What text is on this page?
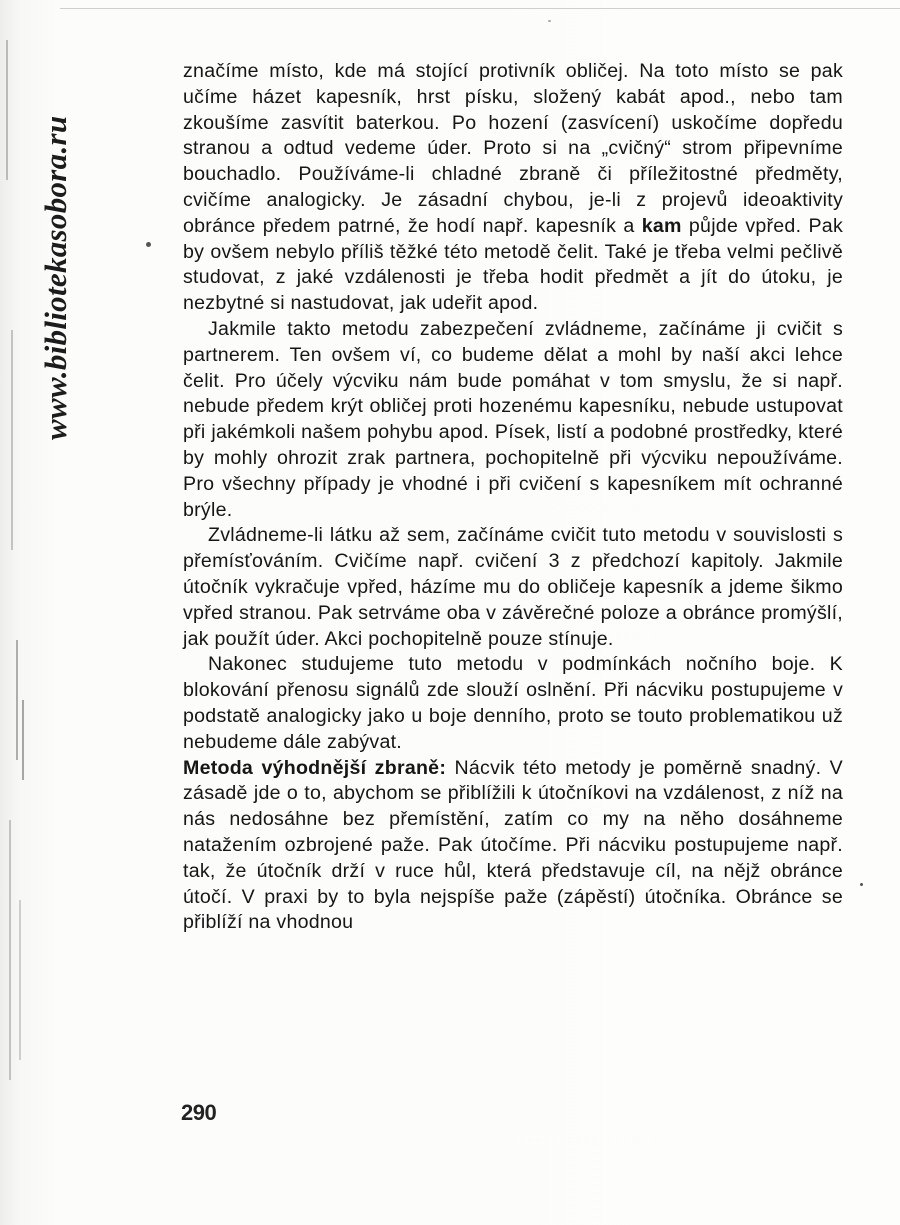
www.bibliotekasobora.ru

značíme místo, kde má stojící protivník obličej. Na toto místo se pak učíme házet kapesník, hrst písku, složený kabát apod., nebo tam zkoušíme zasvítit baterkou. Po hození (zasvícení) uskočíme dopředu stranou a odtud vedeme úder. Proto si na „cvičný“ strom připevníme bouchadlo. Používáme-li chladné zbraně či příležitostné předměty, cvičíme analogicky. Je zásadní chybou, je-li z projevů ideoaktivity obránce předem patrné, že hodí např. kapesník a kam půjde vpřed. Pak by ovšem nebylo příliš těžké této metodě čelit. Také je třeba velmi pečlivě studovat, z jaké vzdálenosti je třeba hodit předmět a jít do útoku, je nezbytné si nastudovat, jak udeřit apod.

Jakmile takto metodu zabezpečení zvládneme, začínáme ji cvičit s partnerem. Ten ovšem ví, co budeme dělat a mohl by naší akci lehce čelit. Pro účely výcviku nám bude pomáhat v tom smyslu, že si např. nebude předem krýt obličej proti hozenému kapesníku, nebude ustupovat při jakémkoli našem pohybu apod. Písek, listí a podobné prostředky, které by mohly ohrozit zrak partnera, pochopitelně při výcviku nepoužíváme. Pro všechny případy je vhodné i při cvičení s kapesníkem mít ochranné brýle.

Zvládneme-li látku až sem, začínáme cvičit tuto metodu v souvislosti s přemísťováním. Cvičíme např. cvičení 3 z předchozí kapitoly. Jakmile útočník vykračuje vpřed, házíme mu do obličeje kapesník a jdeme šikmo vpřed stranou. Pak setrváme oba v závěrečné poloze a obránce promýšlí, jak použít úder. Akci pochopitelně pouze stínuje.

Nakonec studujeme tuto metodu v podmínkách nočního boje. K blokování přenosu signálů zde slouží oslnění. Při nácviku postupujeme v podstatě analogicky jako u boje denního, proto se touto problematikou už nebudeme dále zabývat.

Metoda výhodnější zbraně: Nácvik této metody je poměrně snadný. V zásadě jde o to, abychom se přiblížili k útočníkovi na vzdálenost, z níž na nás nedosáhne bez přemístění, zatím co my na něho dosáhneme natažením ozbrojené paže. Pak útočíme. Při nácviku postupujeme např. tak, že útočník drží v ruce hůl, která představuje cíl, na nějž obránce útočí. V praxi by to byla nejspíše paže (zápěstí) útočníka. Obránce se přiblíží na vhodnou

290
